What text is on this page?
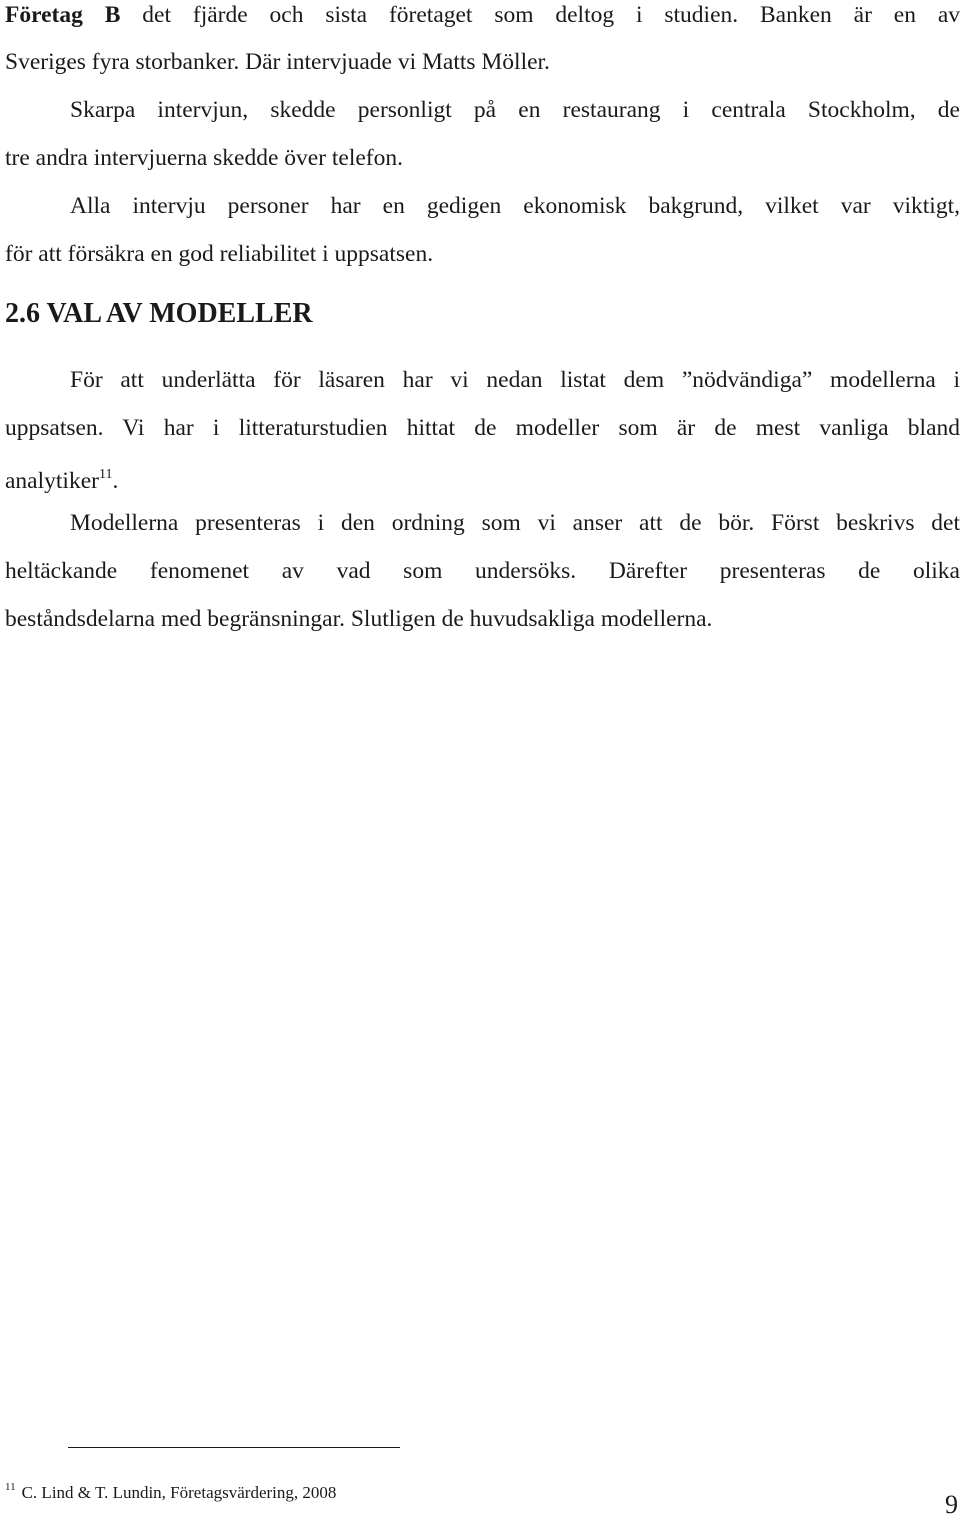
Företag B det fjärde och sista företaget som deltog i studien. Banken är en av
Sveriges fyra storbanker. Där intervjuade vi Matts Möller.
Skarpa intervjun, skedde personligt på en restaurang i centrala Stockholm, de
tre andra intervjuerna skedde över telefon.
Alla intervju personer har en gedigen ekonomisk bakgrund, vilket var viktigt,
för att försäkra en god reliabilitet i uppsatsen.
2.6 VAL AV MODELLER
För att underlätta för läsaren har vi nedan listat dem ”nödvändiga” modellerna i
uppsatsen. Vi har i litteraturstudien hittat de modeller som är de mest vanliga bland
analytiker$^{11}$.
Modellerna presenteras i den ordning som vi anser att de bör. Först beskrivs det
heltäckande fenomenet av vad som undersöks. Därefter presenteras de olika
beståndsdelarna med begränsningar. Slutligen de huvudsakliga modellerna.
$^{11}$ C. Lind & T. Lundin, Företagsvärdering, 2008	9
